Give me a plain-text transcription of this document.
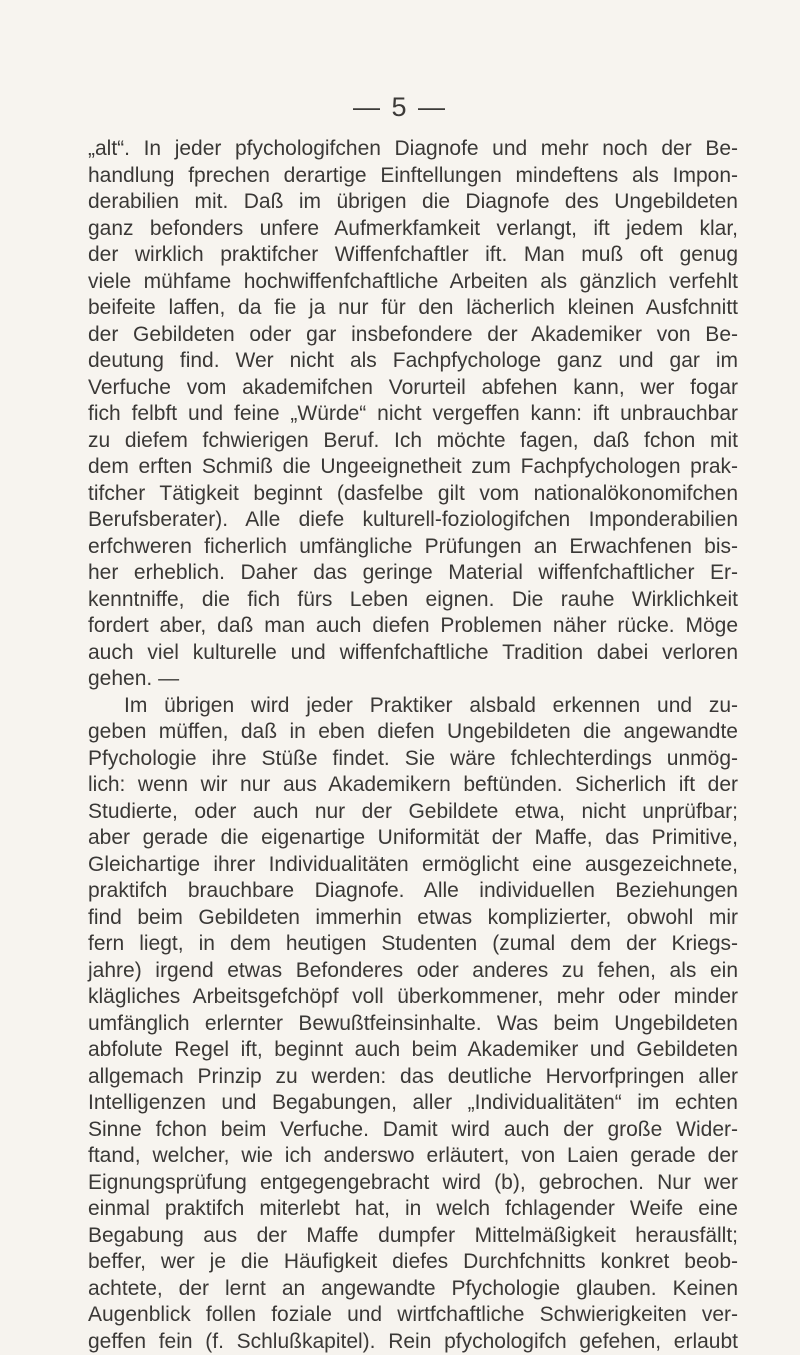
— 5 —
„alt“. In jeder pfychologifchen Diagnofe und mehr noch der Be-
handlung fprechen derartige Einftellungen mindeftens als Impon-
derabilien mit. Daß im übrigen die Diagnofe des Ungebildeten
ganz befonders unfere Aufmerkfamkeit verlangt, ift jedem klar,
der wirklich praktifcher Wiffenfchaftler ift. Man muß oft genug
viele mühfame hochwiffenfchaftliche Arbeiten als gänzlich verfehlt
beifeite laffen, da fie ja nur für den lächerlich kleinen Ausfchnitt
der Gebildeten oder gar insbefondere der Akademiker von Be-
deutung find. Wer nicht als Fachpfychologe ganz und gar im
Verfuche vom akademifchen Vorurteil abfehen kann, wer fogar
fich felbft und feine „Würde“ nicht vergeffen kann: ift unbrauchbar
zu diefem fchwierigen Beruf. Ich möchte fagen, daß fchon mit
dem erften Schmiß die Ungeeignetheit zum Fachpfychologen prak-
tifcher Tätigkeit beginnt (dasfelbe gilt vom nationalökonomifchen
Berufsberater). Alle diefe kulturell-foziologifchen Imponderabilien
erfchweren ficherlich umfängliche Prüfungen an Erwachfenen bis-
her erheblich. Daher das geringe Material wiffenfchaftlicher Er-
kenntniffe, die fich fürs Leben eignen. Die rauhe Wirklichkeit
fordert aber, daß man auch diefen Problemen näher rücke. Möge
auch viel kulturelle und wiffenfchaftliche Tradition dabei verloren
gehen. —
Im übrigen wird jeder Praktiker alsbald erkennen und zu-
geben müffen, daß in eben diefen Ungebildeten die angewandte
Pfychologie ihre Stüße findet. Sie wäre fchlechterdings unmög-
lich: wenn wir nur aus Akademikern beftünden. Sicherlich ift der
Studierte, oder auch nur der Gebildete etwa, nicht unprüfbar;
aber gerade die eigenartige Uniformität der Maffe, das Primitive,
Gleichartige ihrer Individualitäten ermöglicht eine ausgezeichnete,
praktifch brauchbare Diagnofe. Alle individuellen Beziehungen
find beim Gebildeten immerhin etwas komplizierter, obwohl mir
fern liegt, in dem heutigen Studenten (zumal dem der Kriegs-
jahre) irgend etwas Befonderes oder anderes zu fehen, als ein
klägliches Arbeitsgefchöpf voll überkommener, mehr oder minder
umfänglich erlernter Bewußtfeinsinhalte. Was beim Ungebildeten
abfolute Regel ift, beginnt auch beim Akademiker und Gebildeten
allgemach Prinzip zu werden: das deutliche Hervorfpringen aller
Intelligenzen und Begabungen, aller „Individualitäten“ im echten
Sinne fchon beim Verfuche. Damit wird auch der große Wider-
ftand, welcher, wie ich anderswo erläutert, von Laien gerade der
Eignungsprüfung entgegengebracht wird (b), gebrochen. Nur wer
einmal praktifch miterlebt hat, in welch fchlagender Weife eine
Begabung aus der Maffe dumpfer Mittelmäßigkeit herausfällt;
beffer, wer je die Häufigkeit diefes Durchfchnitts konkret beob-
achtete, der lernt an angewandte Pfychologie glauben. Keinen
Augenblick follen foziale und wirtfchaftliche Schwierigkeiten ver-
geffen fein (f. Schlußkapitel). Rein pfychologifch gefehen, erlaubt
